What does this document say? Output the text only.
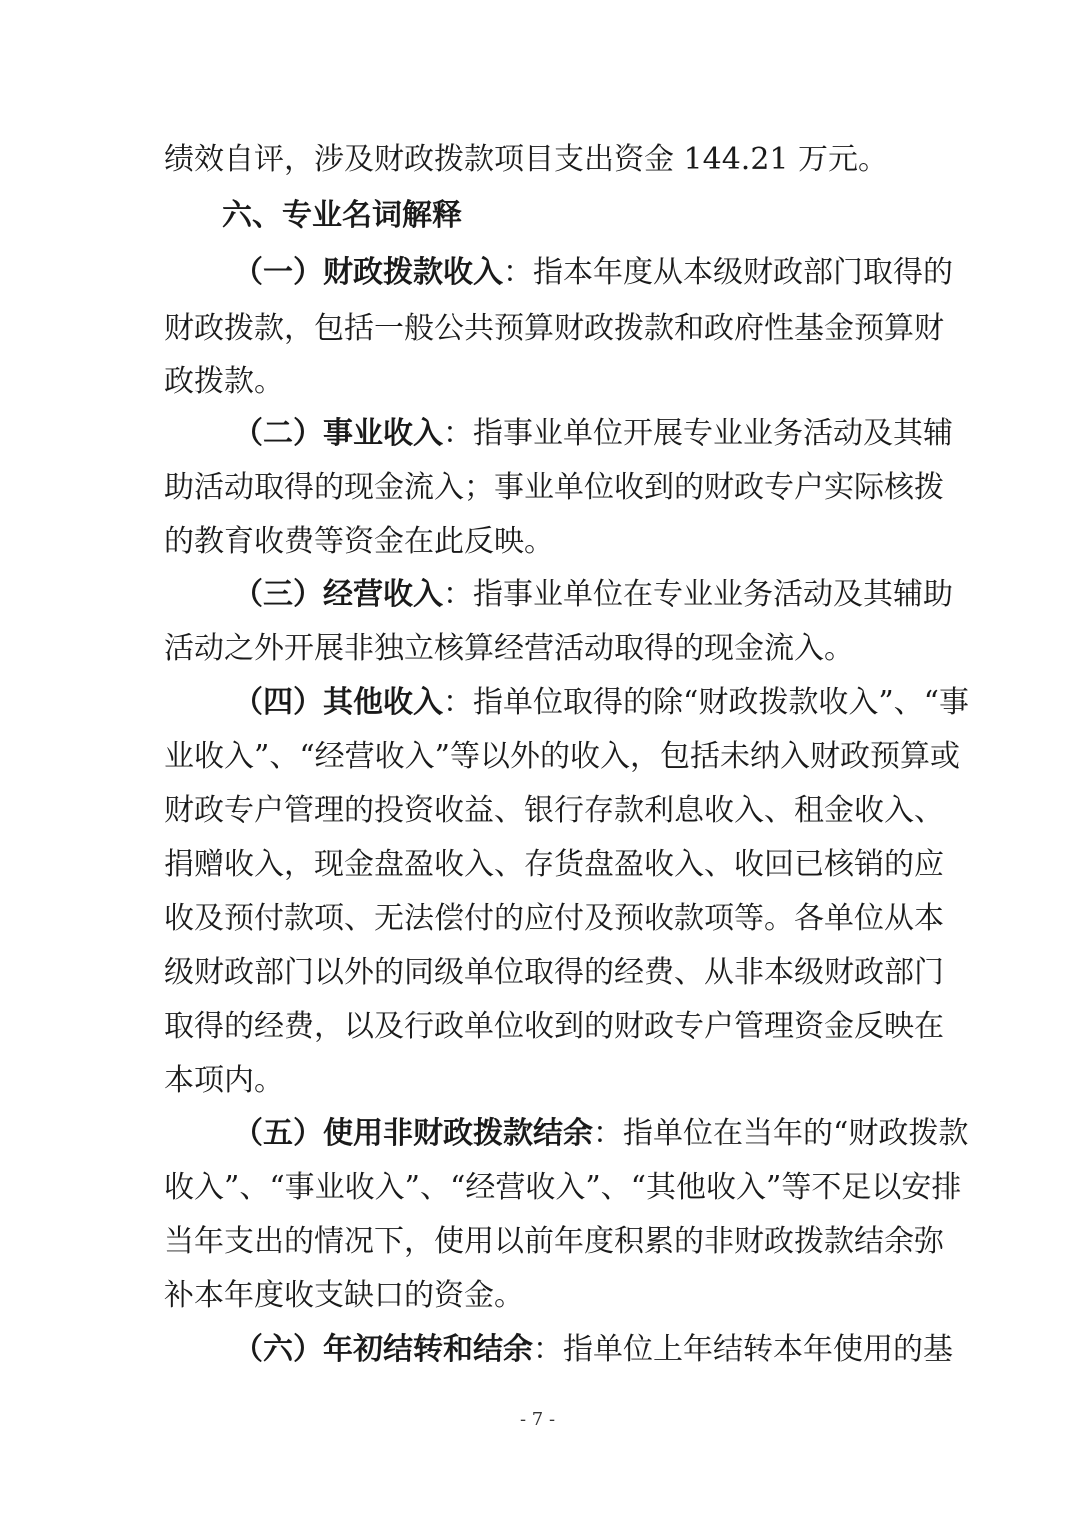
绩效自评，涉及财政拨款项目支出资金 144.21 万元。
六、专业名词解释
（一）财政拨款收入：指本年度从本级财政部门取得的
财政拨款，包括一般公共预算财政拨款和政府性基金预算财
政拨款。
（二）事业收入：指事业单位开展专业业务活动及其辅
助活动取得的现金流入；事业单位收到的财政专户实际核拨
的教育收费等资金在此反映。
（三）经营收入：指事业单位在专业业务活动及其辅助
活动之外开展非独立核算经营活动取得的现金流入。
（四）其他收入：指单位取得的除“财政拨款收入”、“事
业收入”、“经营收入”等以外的收入，包括未纳入财政预算或
财政专户管理的投资收益、银行存款利息收入、租金收入、
捐赠收入，现金盘盈收入、存货盘盈收入、收回已核销的应
收及预付款项、无法偿付的应付及预收款项等。各单位从本
级财政部门以外的同级单位取得的经费、从非本级财政部门
取得的经费，以及行政单位收到的财政专户管理资金反映在
本项内。
（五）使用非财政拨款结余：指单位在当年的“财政拨款
收入”、“事业收入”、“经营收入”、“其他收入”等不足以安排
当年支出的情况下，使用以前年度积累的非财政拨款结余弥
补本年度收支缺口的资金。
（六）年初结转和结余：指单位上年结转本年使用的基
- 7 -
